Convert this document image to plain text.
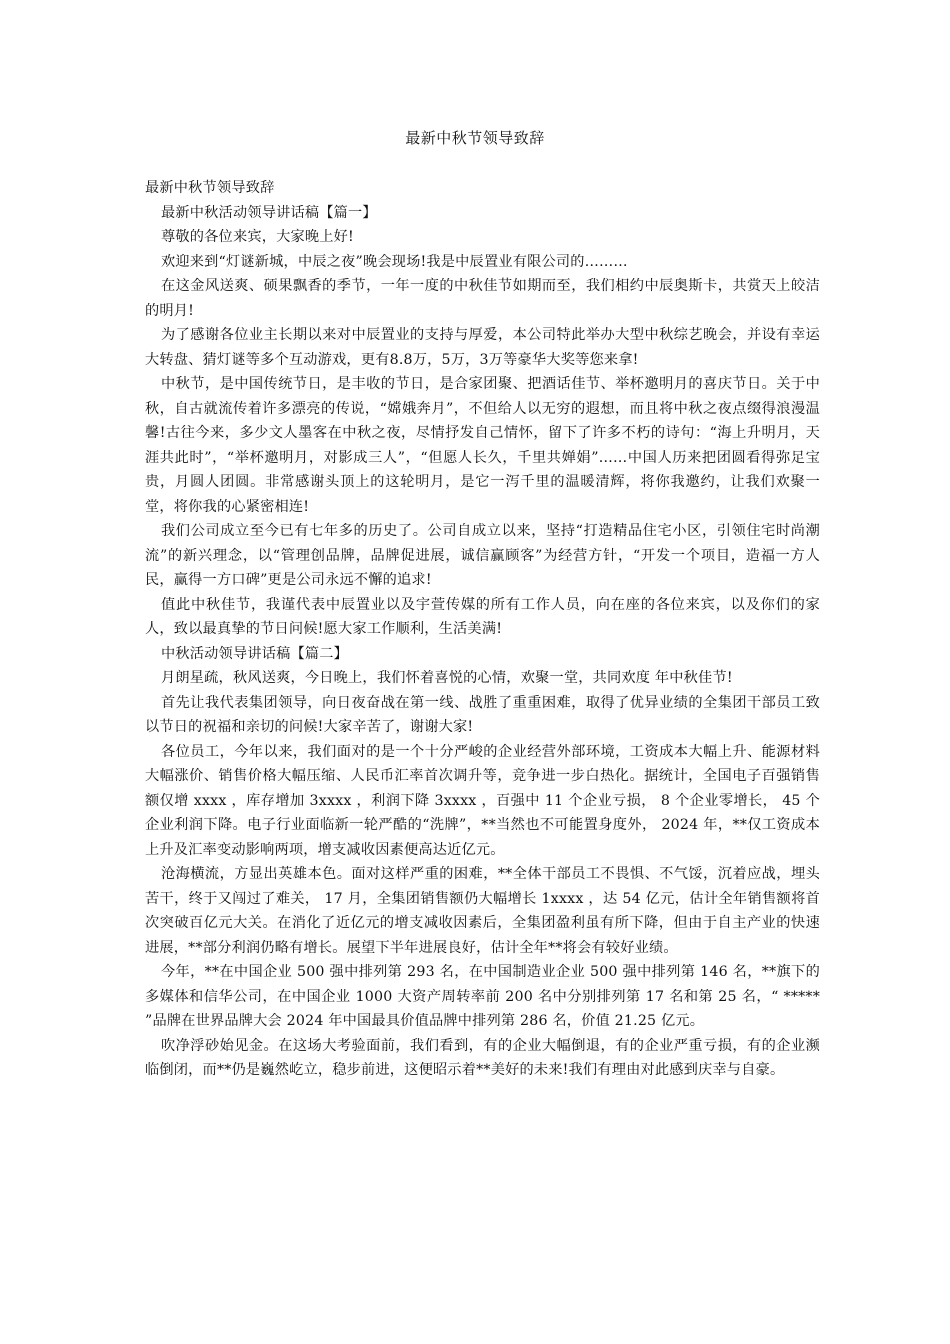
最新中秋节领导致辞

最新中秋节领导致辞

最新中秋活动领导讲话稿【篇一】

尊敬的各位来宾，大家晚上好!

欢迎来到“灯谜新城，中辰之夜”晚会现场!我是中辰置业有限公司的………

在这金风送爽、硕果飘香的季节，一年一度的中秋佳节如期而至，我们相约中辰奥斯卡，共赏天上皎洁的明月!

为了感谢各位业主长期以来对中辰置业的支持与厚爱，本公司特此举办大型中秋综艺晚会，并设有幸运大转盘、猜灯谜等多个互动游戏，更有8.8万，5万，3万等豪华大奖等您来拿!

中秋节，是中国传统节日，是丰收的节日，是合家团聚、把酒话佳节、举杯邀明月的喜庆节日。关于中秋，自古就流传着许多漂亮的传说，“嫦娥奔月”，不但给人以无穷的遐想，而且将中秋之夜点缀得浪漫温馨!古往今来，多少文人墨客在中秋之夜，尽情抒发自己情怀，留下了许多不朽的诗句：“海上升明月，天涯共此时”，“举杯邀明月，对影成三人”，“但愿人长久，千里共婵娟”……中国人历来把团圆看得弥足宝贵，月圆人团圆。非常感谢头顶上的这轮明月，是它一泻千里的温暖清辉，将你我邀约，让我们欢聚一堂，将你我的心紧密相连!

我们公司成立至今已有七年多的历史了。公司自成立以来，坚持“打造精品住宅小区，引领住宅时尚潮流”的新兴理念，以“管理创品牌，品牌促进展，诚信赢顾客”为经营方针，“开发一个项目，造福一方人民，赢得一方口碑”更是公司永远不懈的追求!

值此中秋佳节，我谨代表中辰置业以及宇萱传媒的所有工作人员，向在座的各位来宾，以及你们的家人，致以最真挚的节日问候!愿大家工作顺利，生活美满!

中秋活动领导讲话稿【篇二】

月朗星疏，秋风送爽，今日晚上，我们怀着喜悦的心情，欢聚一堂，共同欢度 年中秋佳节!

首先让我代表集团领导，向日夜奋战在第一线、战胜了重重困难，取得了优异业绩的全集团干部员工致以节日的祝福和亲切的问候!大家辛苦了，谢谢大家!

各位员工，今年以来，我们面对的是一个十分严峻的企业经营外部环境，工资成本大幅上升、能源材料大幅涨价、销售价格大幅压缩、人民币汇率首次调升等，竞争进一步白热化。据统计，全国电子百强销售额仅增 xxxx ，库存增加 3xxxx ，利润下降 3xxxx ，百强中 11 个企业亏损， 8 个企业零增长， 45 个企业利润下降。电子行业面临新一轮严酷的“洗牌”，**当然也不可能置身度外， 2024 年，**仅工资成本上升及汇率变动影响两项，增支减收因素便高达近亿元。

沧海横流，方显出英雄本色。面对这样严重的困难，**全体干部员工不畏惧、不气馁，沉着应战，埋头苦干，终于又闯过了难关， 17 月，全集团销售额仍大幅增长 1xxxx ，达 54 亿元，估计全年销售额将首次突破百亿元大关。在消化了近亿元的增支减收因素后，全集团盈利虽有所下降，但由于自主产业的快速进展，**部分利润仍略有增长。展望下半年进展良好，估计全年**将会有较好业绩。

今年，**在中国企业 500 强中排列第 293 名，在中国制造业企业 500 强中排列第 146 名，**旗下的多媒体和信华公司，在中国企业 1000 大资产周转率前 200 名中分别排列第 17 名和第 25 名，“ ***** ”品牌在世界品牌大会 2024 年中国最具价值品牌中排列第 286 名，价值 21.25 亿元。

吹净浮砂始见金。在这场大考验面前，我们看到，有的企业大幅倒退，有的企业严重亏损，有的企业濒临倒闭，而**仍是巍然屹立，稳步前进，这便昭示着**美好的未来!我们有理由对此感到庆幸与自豪。
